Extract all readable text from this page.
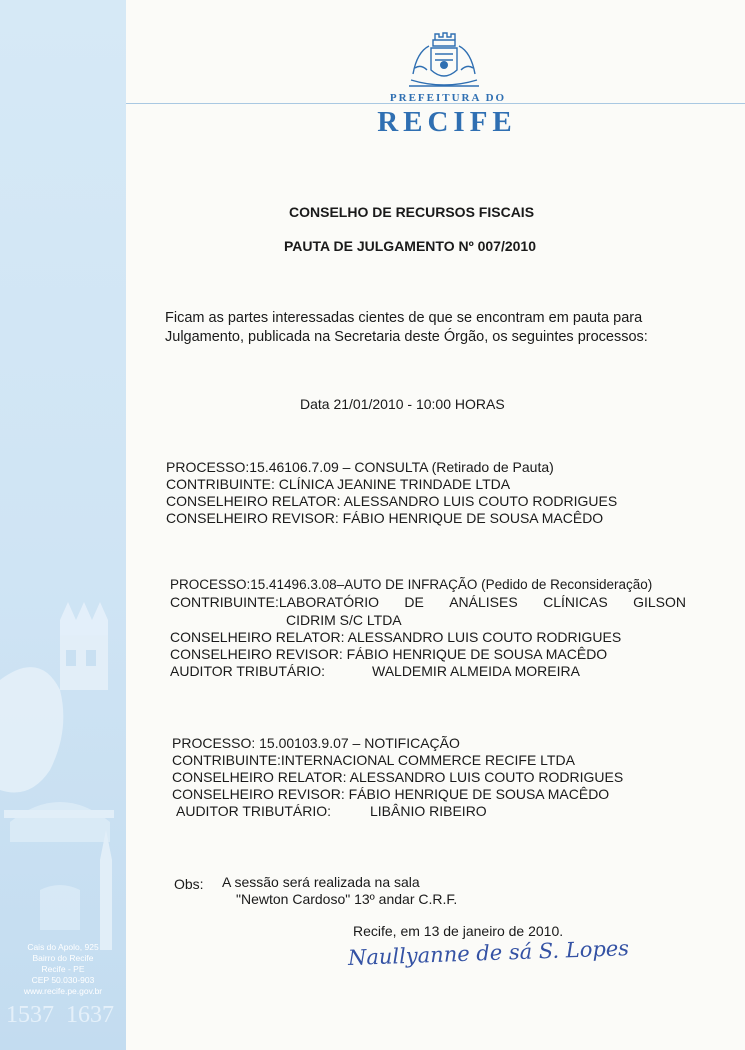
1537 1637
Cais do Apolo, 925
Bairro do Recife
Recife - PE
CEP 50.030-903
www.recife.pe.gov.br
PREFEITURA DO
RECIFE
CONSELHO DE RECURSOS FISCAIS
PAUTA DE JULGAMENTO Nº 007/2010
Ficam as partes interessadas cientes de que se encontram em pauta para
Julgamento, publicada na Secretaria deste Órgão, os seguintes processos:
Data 21/01/2010 - 10:00 HORAS
PROCESSO:15.46106.7.09 – CONSULTA (Retirado de Pauta)
CONTRIBUINTE: CLÍNICA JEANINE TRINDADE LTDA
CONSELHEIRO RELATOR: ALESSANDRO LUIS COUTO RODRIGUES
CONSELHEIRO REVISOR: FÁBIO HENRIQUE DE SOUSA MACÊDO
PROCESSO:15.41496.3.08–AUTO DE INFRAÇÃO (Pedido de Reconsideração)
CONTRIBUINTE:LABORATÓRIO DE ANÁLISES CLÍNICAS GILSON
CIDRIM S/C LTDA
CONSELHEIRO RELATOR: ALESSANDRO LUIS COUTO RODRIGUES
CONSELHEIRO REVISOR: FÁBIO HENRIQUE DE SOUSA MACÊDO
AUDITOR TRIBUTÁRIO:	WALDEMIR ALMEIDA MOREIRA
PROCESSO: 15.00103.9.07 – NOTIFICAÇÃO
CONTRIBUINTE:INTERNACIONAL COMMERCE RECIFE LTDA
CONSELHEIRO RELATOR: ALESSANDRO LUIS COUTO RODRIGUES
CONSELHEIRO REVISOR: FÁBIO HENRIQUE DE SOUSA MACÊDO
AUDITOR TRIBUTÁRIO:	LIBÂNIO RIBEIRO
Obs: A sessão será realizada na sala
"Newton Cardoso" 13º andar C.R.F.
Recife, em 13 de janeiro de 2010.
Naullyanne de sá S. Lopes
